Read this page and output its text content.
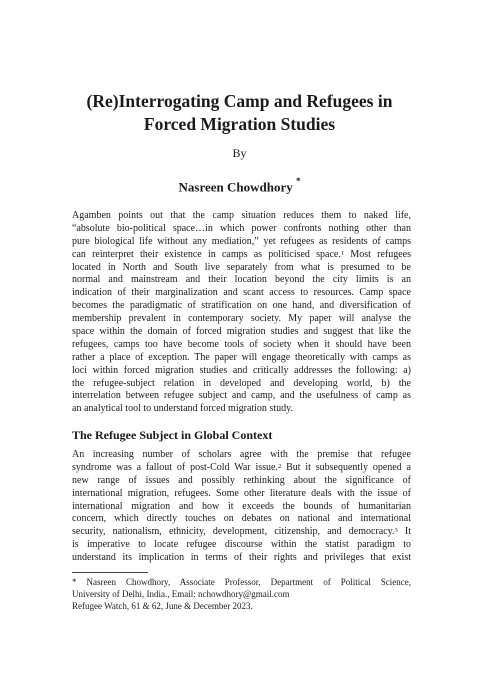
(Re)Interrogating Camp and Refugees in
Forced Migration Studies
By
Nasreen Chowdhory *
Agamben points out that the camp situation reduces them to naked life,
“absolute bio-political space…in which power confronts nothing other than
pure biological life without any mediation,” yet refugees as residents of camps
can reinterpret their existence in camps as politicised space.$^1$ Most refugees
located in North and South live separately from what is presumed to be
normal and mainstream and their location beyond the city limits is an
indication of their marginalization and scant access to resources. Camp space
becomes the paradigmatic of stratification on one hand, and diversification of
membership prevalent in contemporary society. My paper will analyse the
space within the domain of forced migration studies and suggest that like the
refugees, camps too have become tools of society when it should have been
rather a place of exception. The paper will engage theoretically with camps as
loci within forced migration studies and critically addresses the following: a)
the refugee-subject relation in developed and developing world, b) the
interrelation between refugee subject and camp, and the usefulness of camp as
an analytical tool to understand forced migration study.
The Refugee Subject in Global Context
An increasing number of scholars agree with the premise that refugee
syndrome was a fallout of post-Cold War issue.$^2$ But it subsequently opened a
new range of issues and possibly rethinking about the significance of
international migration, refugees. Some other literature deals with the issue of
international migration and how it exceeds the bounds of humanitarian
concern, which directly touches on debates on national and international
security, nationalism, ethnicity, development, citizenship, and democracy.$^3$ It
is imperative to locate refugee discourse within the statist paradigm to
understand its implication in terms of their rights and privileges that exist
* Nasreen Chowdhory, Associate Professor, Department of Political Science,
University of Delhi, India., Email: nchowdhory@gmail.com
Refugee Watch, 61 & 62, June & December 2023.
